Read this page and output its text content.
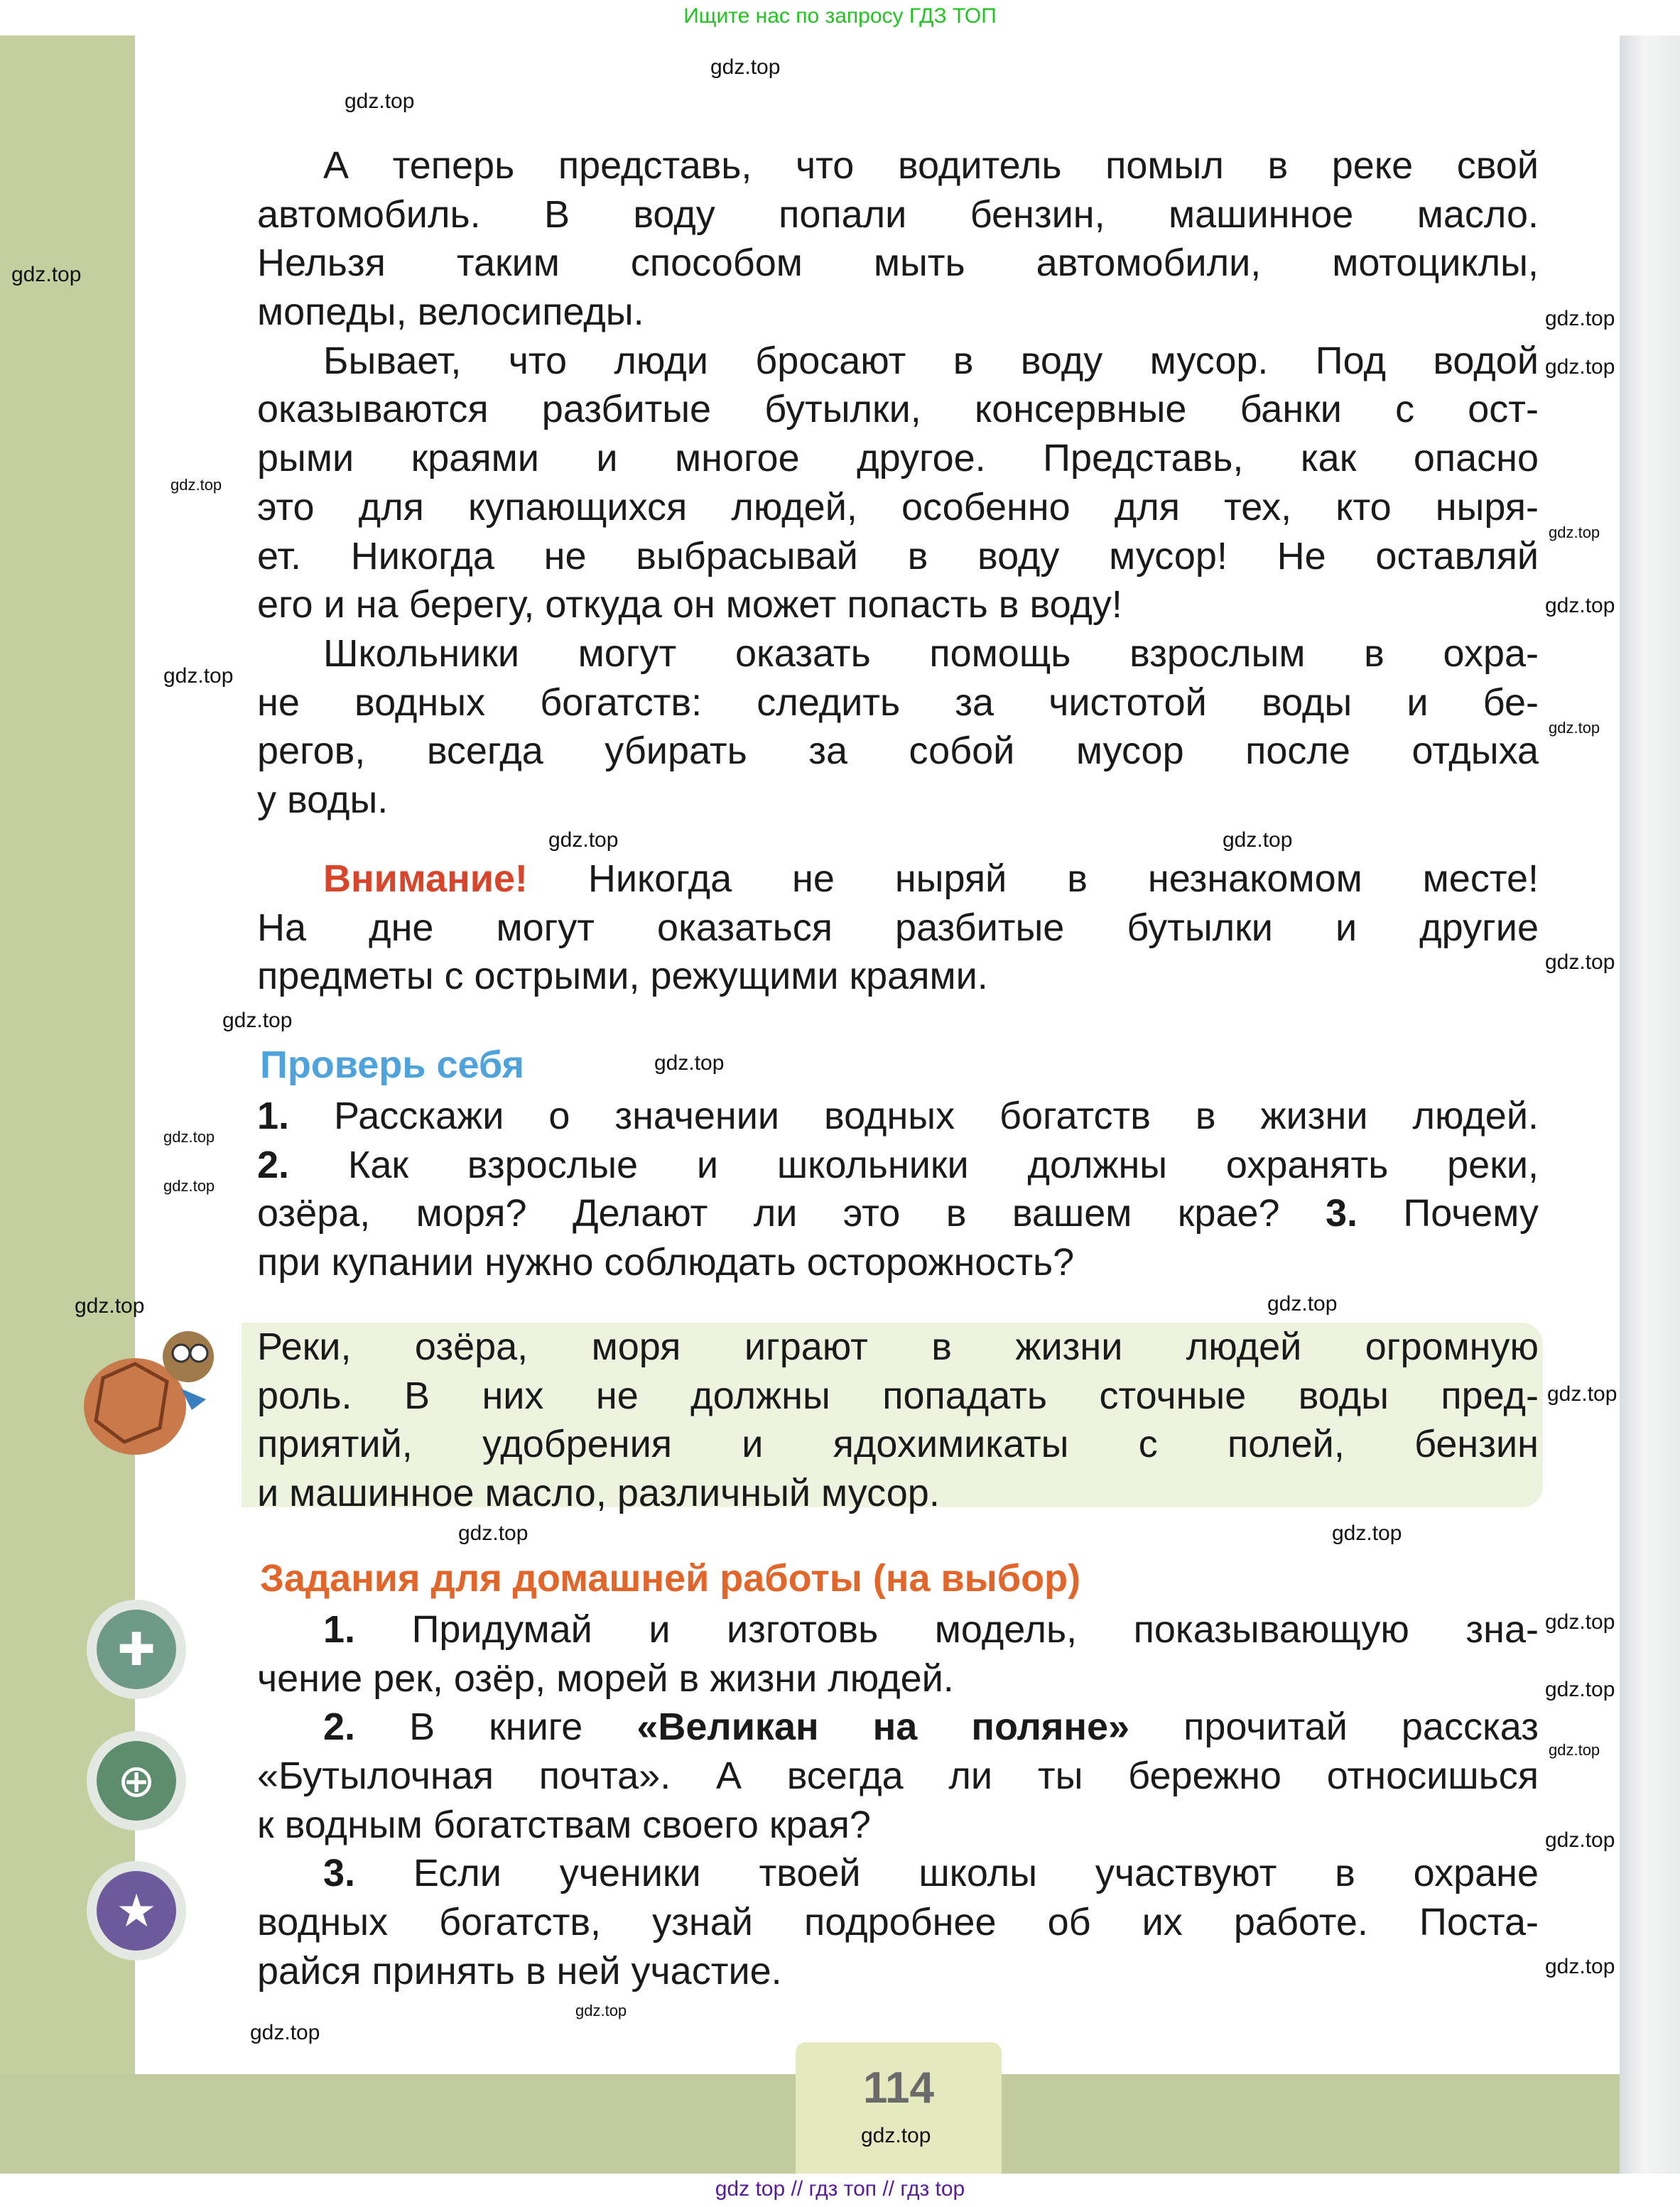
Ищите нас по запросу ГДЗ ТОП
114
gdz top // гдз топ // гдз top
А теперь представь, что водитель помыл в реке свой
автомобиль. В воду попали бензин, машинное масло.
Нельзя таким способом мыть автомобили, мотоциклы,
мопеды, велосипеды.
Бывает, что люди бросают в воду мусор. Под водой
оказываются разбитые бутылки, консервные банки с ост-
рыми краями и многое другое. Представь, как опасно
это для купающихся людей, особенно для тех, кто ныря-
ет. Никогда не выбрасывай в воду мусор! Не оставляй
его и на берегу, откуда он может попасть в воду!
Школьники могут оказать помощь взрослым в охра-
не водных богатств: следить за чистотой воды и бе-
регов, всегда убирать за собой мусор после отдыха
у воды.
Внимание! Никогда не ныряй в незнакомом месте!
На дне могут оказаться разбитые бутылки и другие
предметы с острыми, режущими краями.
Проверь себя
1. Расскажи о значении водных богатств в жизни людей.
2. Как взрослые и школьники должны охранять реки,
озёра, моря? Делают ли это в вашем крае? 3. Почему
при купании нужно соблюдать осторожность?
Реки, озёра, моря играют в жизни людей огромную
роль. В них не должны попадать сточные воды пред-
приятий, удобрения и ядохимикаты с полей, бензин
и машинное масло, различный мусор.
Задания для домашней работы (на выбор)
1. Придумай и изготовь модель, показывающую зна-
чение рек, озёр, морей в жизни людей.
2. В книге «Великан на поляне» прочитай рассказ
«Бутылочная почта». А всегда ли ты бережно относишься
к водным богатствам своего края?
3. Если ученики твоей школы участвуют в охране
водных богатств, узнай подробнее об их работе. Поста-
райся принять в ней участие.
✚
⊕
★
gdz.top
gdz.top
gdz.top
gdz.top
gdz.top
gdz.top
gdz.top
gdz.top
gdz.top
gdz.top
gdz.top
gdz.top
gdz.top
gdz.top
gdz.top
gdz.top
gdz.top
gdz.top
gdz.top
gdz.top
gdz.top
gdz.top
gdz.top
gdz.top
gdz.top
gdz.top
gdz.top
gdz.top
gdz.top
gdz.top
